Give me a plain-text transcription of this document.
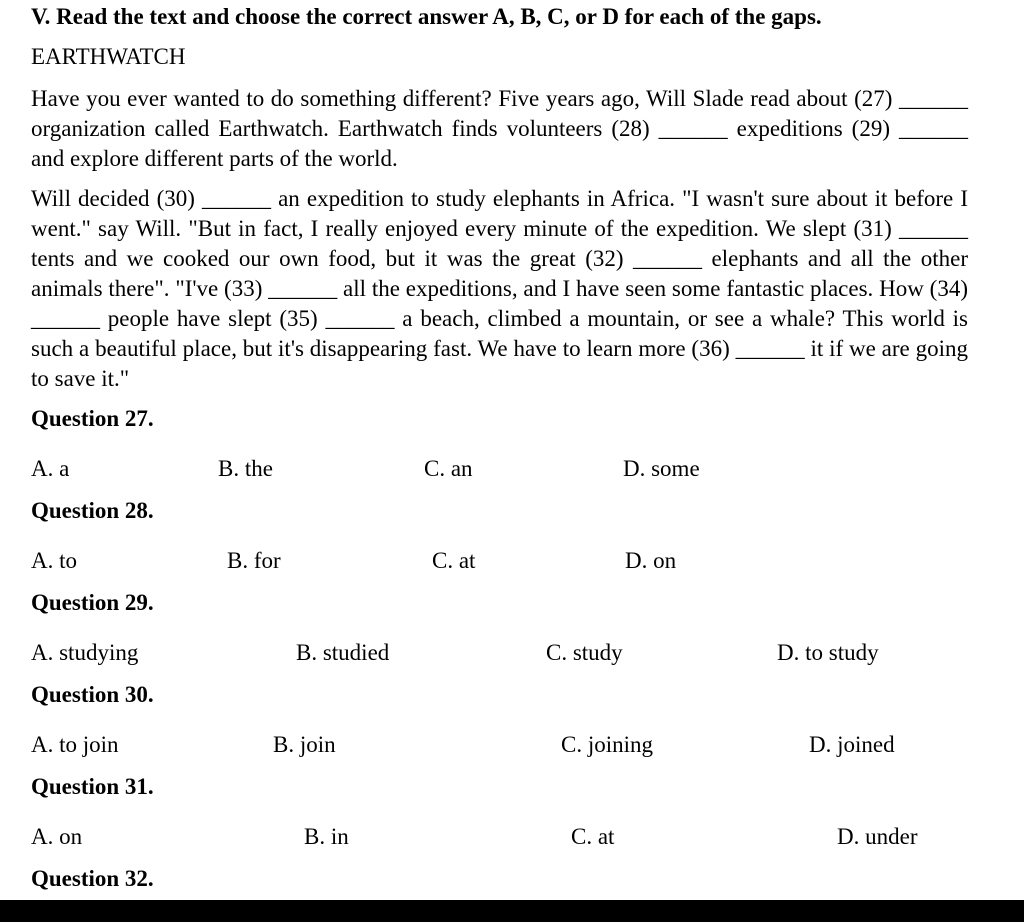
V. Read the text and choose the correct answer A, B, C, or D for each of the gaps.
EARTHWATCH
Have you ever wanted to do something different? Five years ago, Will Slade read about (27) ______ organization called Earthwatch. Earthwatch finds volunteers (28) ______ expeditions (29) ______ and explore different parts of the world.
Will decided (30) ______ an expedition to study elephants in Africa. "I wasn't sure about it before I went." say Will. "But in fact, I really enjoyed every minute of the expedition. We slept (31) ______ tents and we cooked our own food, but it was the great (32) ______ elephants and all the other animals there". "I've (33) ______ all the expeditions, and I have seen some fantastic places. How (34) ______ people have slept (35) ______ a beach, climbed a mountain, or see a whale? This world is such a beautiful place, but it's disappearing fast. We have to learn more (36) ______ it if we are going to save it."
Question 27.
A. a	B. the	C. an	D. some
Question 28.
A. to	B. for	C. at	D. on
Question 29.
A. studying	B. studied	C. study	D. to study
Question 30.
A. to join	B. join	C. joining	D. joined
Question 31.
A. on	B. in	C. at	D. under
Question 32.
